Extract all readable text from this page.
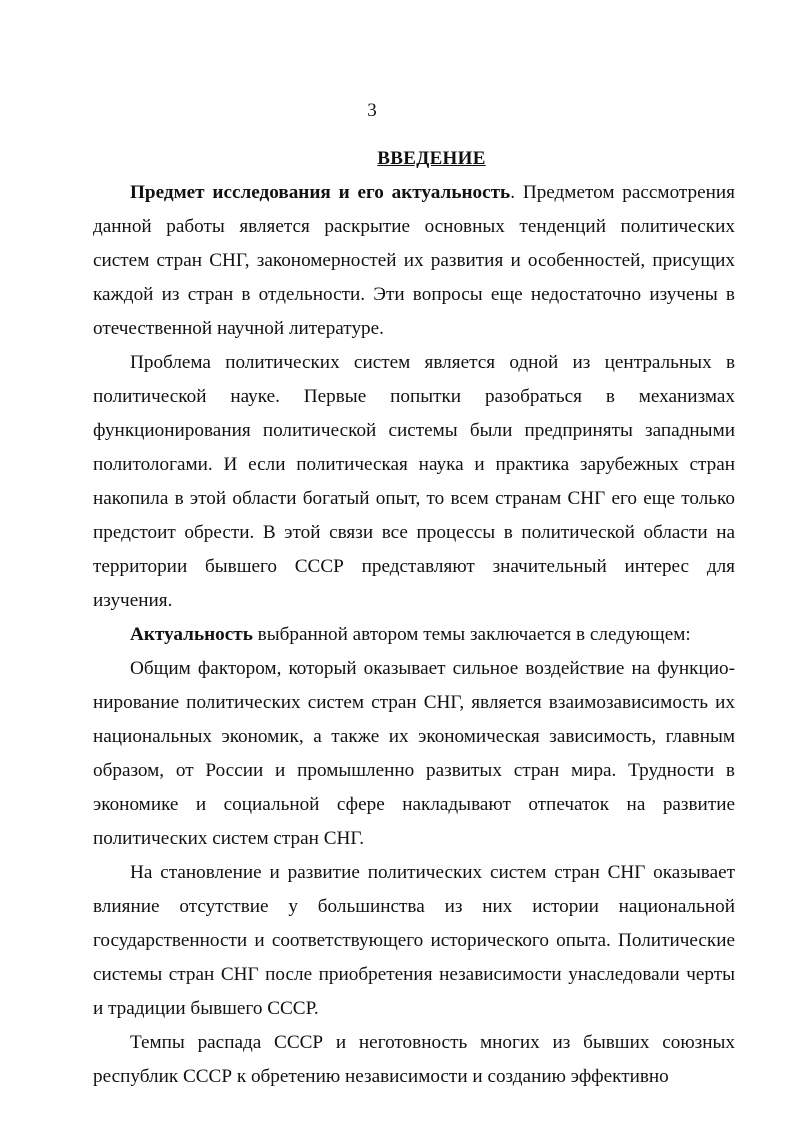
3
ВВЕДЕНИЕ

Предмет исследования и его актуальность. Предметом рассмотрения данной работы является раскрытие основных тенденций политических систем стран СНГ, закономерностей их развития и особенностей, присущих каждой из стран в отдельности. Эти вопросы еще недостаточно изучены в отечественной научной литературе.

Проблема политических систем является одной из центральных в политической науке. Первые попытки разобраться в механизмах функционирования политической системы были предприняты западными политологами. И если политическая наука и практика зарубежных стран накопила в этой области богатый опыт, то всем странам СНГ его еще только предстоит обрести. В этой связи все процессы в политической области на территории бывшего СССР представляют значительный интерес для изучения.

Актуальность выбранной автором темы заключается в следующем:

Общим фактором, который оказывает сильное воздействие на функционирование политических систем стран СНГ, является взаимозависимость их национальных экономик, а также их экономическая зависимость, главным образом, от России и промышленно развитых стран мира. Трудности в экономике и социальной сфере накладывают отпечаток на развитие политических систем стран СНГ.

На становление и развитие политических систем стран СНГ оказывает влияние отсутствие у большинства из них истории национальной государственности и соответствующего исторического опыта. Политические системы стран СНГ после приобретения независимости унаследовали черты и традиции бывшего СССР.

Темпы распада СССР и неготовность многих из бывших союзных республик СССР к обретению независимости и созданию эффективно
